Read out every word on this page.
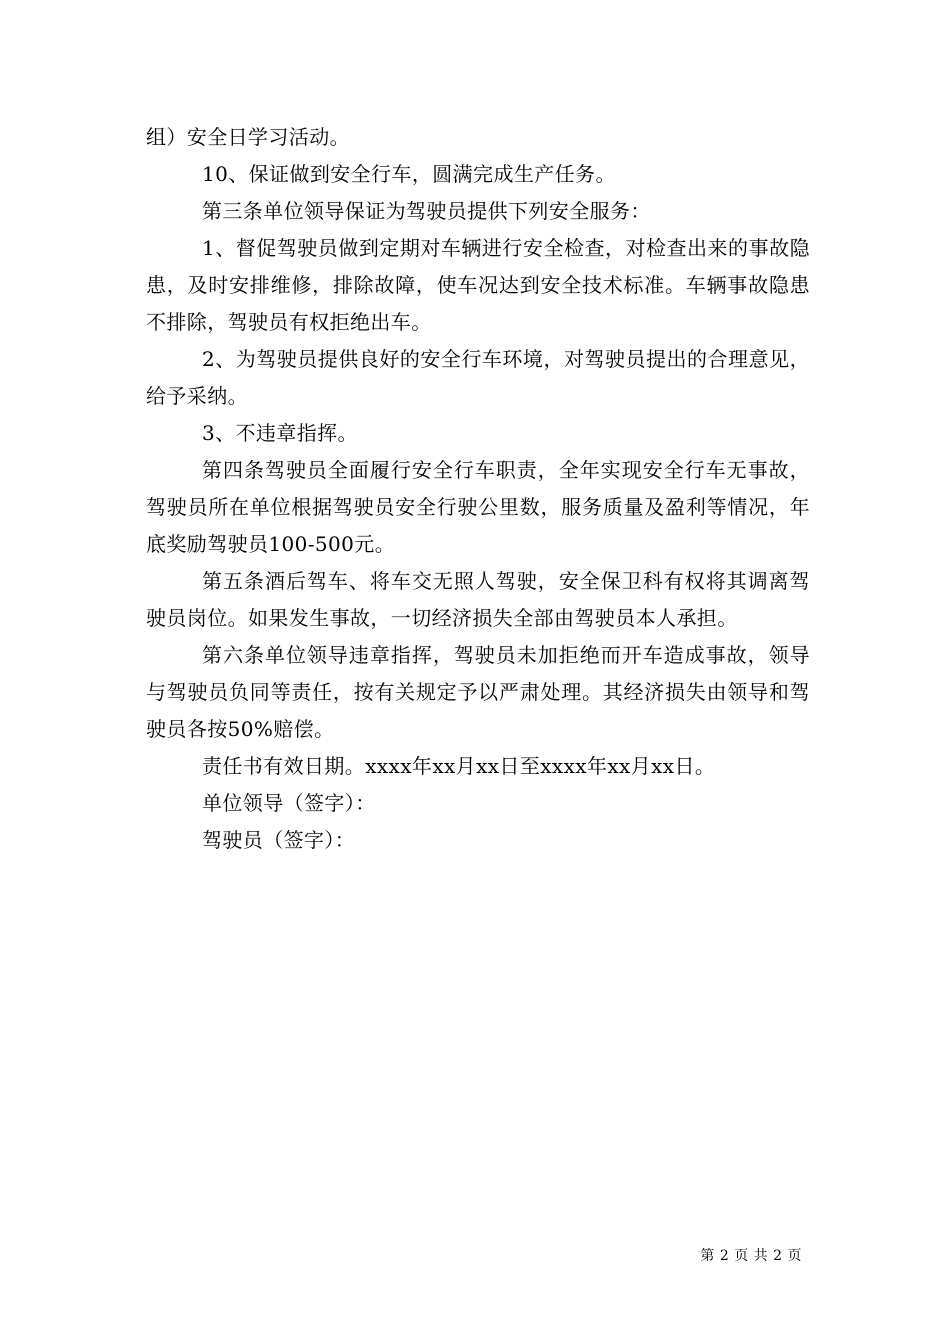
组）安全日学习活动。

10、保证做到安全行车，圆满完成生产任务。

第三条单位领导保证为驾驶员提供下列安全服务：

1、督促驾驶员做到定期对车辆进行安全检查，对检查出来的事故隐患，及时安排维修，排除故障，使车况达到安全技术标准。车辆事故隐患不排除，驾驶员有权拒绝出车。

2、为驾驶员提供良好的安全行车环境，对驾驶员提出的合理意见，给予采纳。

3、不违章指挥。

第四条驾驶员全面履行安全行车职责，全年实现安全行车无事故，驾驶员所在单位根据驾驶员安全行驶公里数，服务质量及盈利等情况，年底奖励驾驶员100-500元。

第五条酒后驾车、将车交无照人驾驶，安全保卫科有权将其调离驾驶员岗位。如果发生事故，一切经济损失全部由驾驶员本人承担。

第六条单位领导违章指挥，驾驶员未加拒绝而开车造成事故，领导与驾驶员负同等责任，按有关规定予以严肃处理。其经济损失由领导和驾驶员各按50%赔偿。

责任书有效日期。xxxx年xx月xx日至xxxx年xx月xx日。

单位领导（签字）：

驾驶员（签字）：

第 2 页 共 2 页
